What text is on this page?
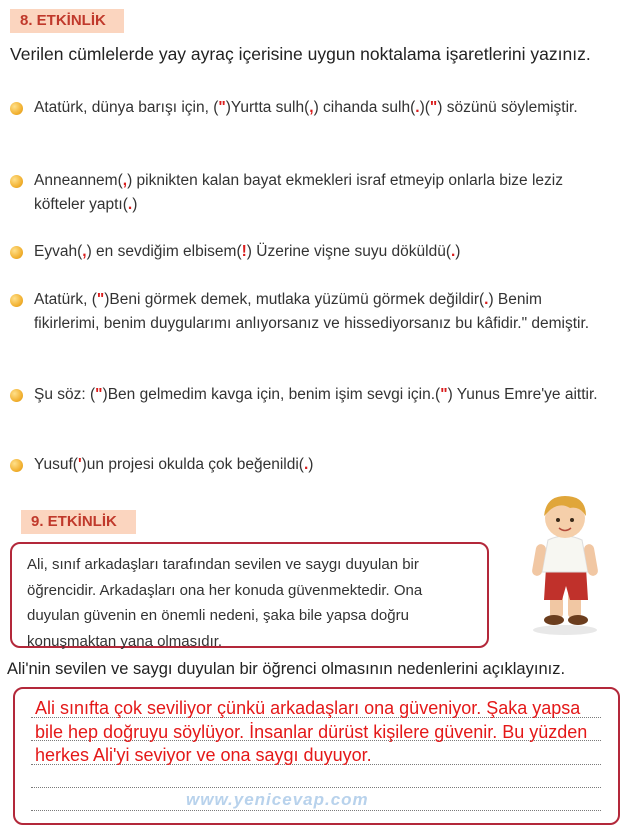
8. ETKİNLİK
Verilen cümlelerde yay ayraç içerisine uygun noktalama işaretlerini yazınız.
Atatürk, dünya barışı için, (")Yurtta sulh(,) cihanda sulh(.)(") sözünü söylemiştir.
Anneannem(,) piknikten kalan bayat ekmekleri israf etmeyip onlarla bize leziz köfteler yaptı(.)
Eyvah(,) en sevdiğim elbisem(!) Üzerine vişne suyu döküldü(.)
Atatürk, (")Beni görmek demek, mutlaka yüzümü görmek değildir(.) Benim fikirlerimi, benim duygularımı anlıyorsanız ve hissediyorsanız bu kâfidir." demiştir.
Şu söz: (")Ben gelmedim kavga için, benim işim sevgi için.(") Yunus Emre'ye aittir.
Yusuf(')un projesi okulda çok beğenildi(.)
9. ETKİNLİK
Ali, sınıf arkadaşları tarafından sevilen ve saygı duyulan bir öğrencidir. Arkadaşları ona her konuda güvenmektedir. Ona duyulan güvenin en önemli nedeni, şaka bile yapsa doğru konuşmaktan yana olmasıdır.
Ali'nin sevilen ve saygı duyulan bir öğrenci olmasının nedenlerini açıklayınız.
Ali sınıfta çok seviliyor çünkü arkadaşları ona güveniyor. Şaka yapsa bile hep doğruyu söylüyor. İnsanlar dürüst kişilere güvenir. Bu yüzden herkes Ali'yi seviyor ve ona saygı duyuyor.
www.yenicevap.com
